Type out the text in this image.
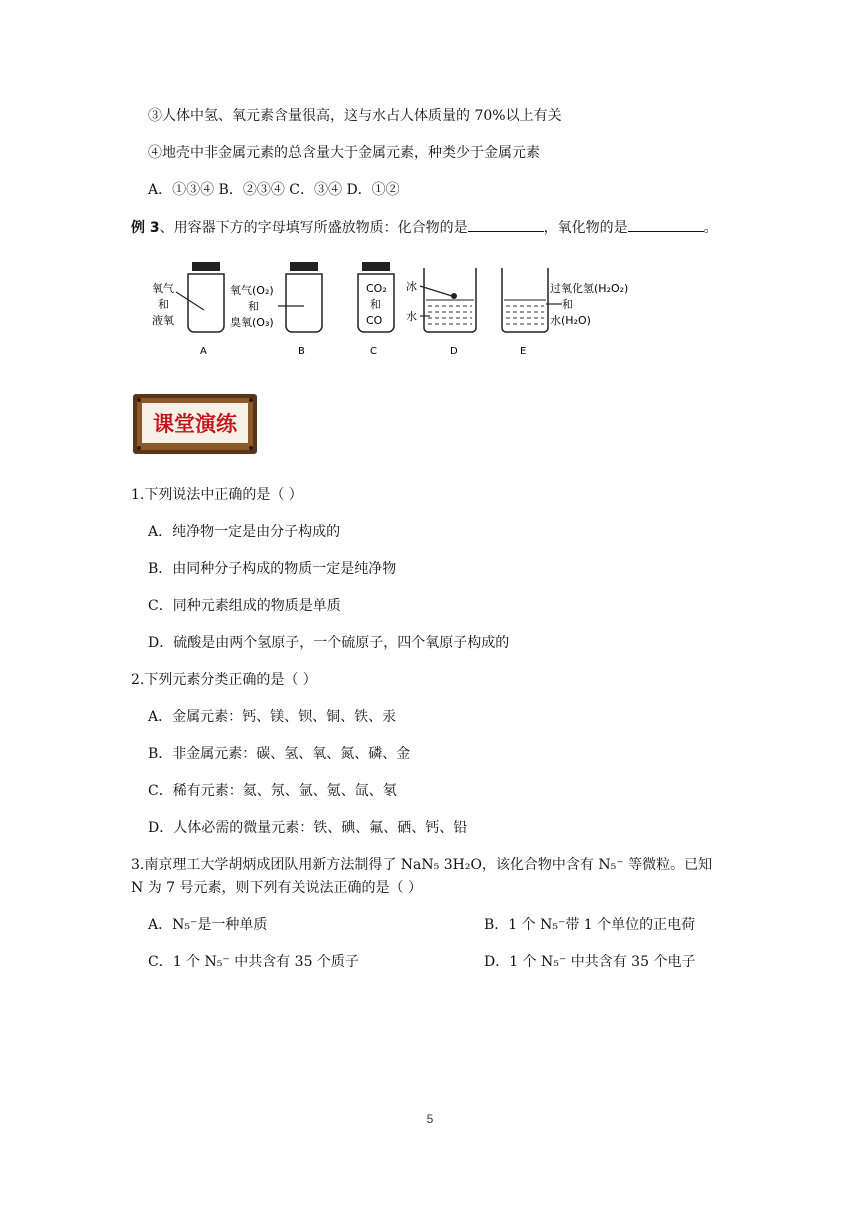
③人体中氢、氧元素含量很高，这与水占人体质量的 70%以上有关
④地壳中非金属元素的总含量大于金属元素，种类少于金属元素
A．①③④ B．②③④ C．③④ D．①②
例 3、用容器下方的字母填写所盛放物质：化合物的是	，氧化物的是	。
氧气
和
液氧
A
氧气(O₂)
和
臭氧(O₃)
B
CO₂
和
CO
C
冰
水
D
过氧化氢(H₂O₂)
和
水(H₂O)
E
课堂演练
1.下列说法中正确的是（ ）
A．纯净物一定是由分子构成的
B．由同种分子构成的物质一定是纯净物
C．同种元素组成的物质是单质
D．硫酸是由两个氢原子，一个硫原子，四个氧原子构成的
2.下列元素分类正确的是（ ）
A．金属元素：钙、镁、钡、铜、铁、汞
B．非金属元素：碳、氢、氧、氮、磷、金
C．稀有元素：氦、氖、氩、氪、氙、氡
D．人体必需的微量元素：铁、碘、氟、硒、钙、铅
3.南京理工大学胡炳成团队用新方法制得了 NaN₅ 3H₂O，该化合物中含有 N₅⁻ 等微粒。已知
N 为 7 号元素，则下列有关说法正确的是（ ）
A．N₅⁻是一种单质	B．1 个 N₅⁻带 1 个单位的正电荷
C．1 个 N₅⁻ 中共含有 35 个质子	D．1 个 N₅⁻ 中共含有 35 个电子
5
